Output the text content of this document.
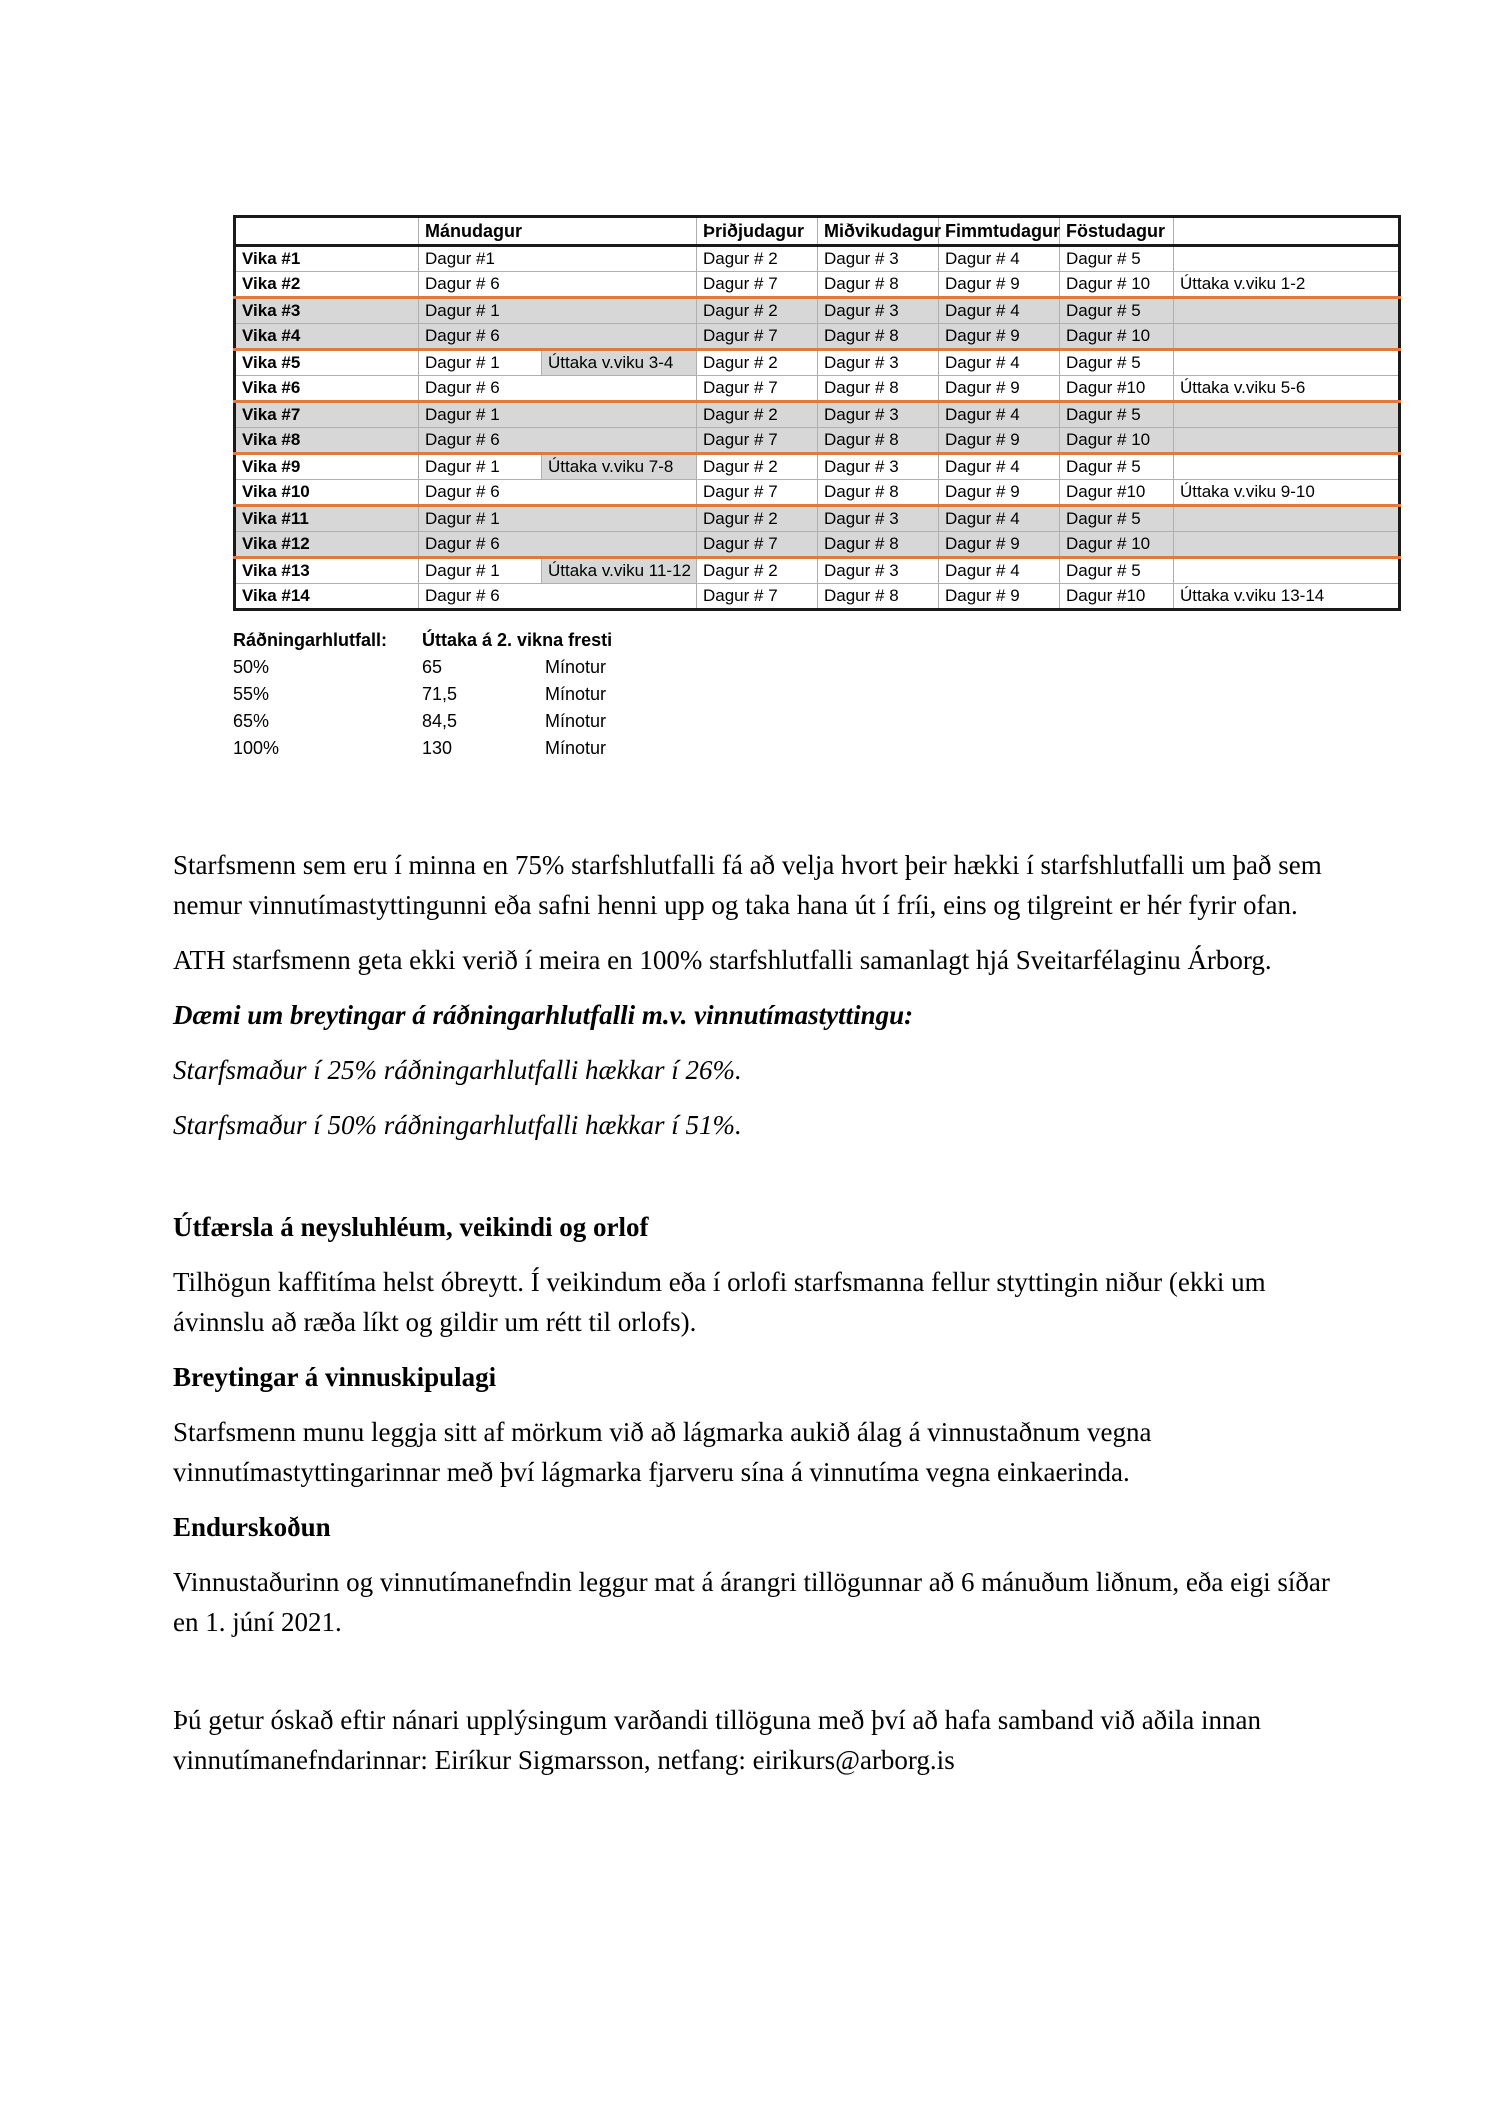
	Mánudagur		Þriðjudagur	Miðvikudagur	Fimmtudagur	Föstudagur	
Vika #1	Dagur #1		Dagur # 2	Dagur # 3	Dagur # 4	Dagur # 5	
Vika #2	Dagur # 6		Dagur # 7	Dagur # 8	Dagur # 9	Dagur # 10	Úttaka v.viku 1-2
Vika #3	Dagur # 1		Dagur # 2	Dagur # 3	Dagur # 4	Dagur # 5	
Vika #4	Dagur # 6		Dagur # 7	Dagur # 8	Dagur # 9	Dagur # 10	
Vika #5	Dagur # 1	Úttaka v.viku 3-4	Dagur # 2	Dagur # 3	Dagur # 4	Dagur # 5	
Vika #6	Dagur # 6		Dagur # 7	Dagur # 8	Dagur # 9	Dagur #10	Úttaka v.viku 5-6
Vika #7	Dagur # 1		Dagur # 2	Dagur # 3	Dagur # 4	Dagur # 5	
Vika #8	Dagur # 6		Dagur # 7	Dagur # 8	Dagur # 9	Dagur # 10	
Vika #9	Dagur # 1	Úttaka v.viku 7-8	Dagur # 2	Dagur # 3	Dagur # 4	Dagur # 5	
Vika #10	Dagur # 6		Dagur # 7	Dagur # 8	Dagur # 9	Dagur #10	Úttaka v.viku 9-10
Vika #11	Dagur # 1		Dagur # 2	Dagur # 3	Dagur # 4	Dagur # 5	
Vika #12	Dagur # 6		Dagur # 7	Dagur # 8	Dagur # 9	Dagur # 10	
Vika #13	Dagur # 1	Úttaka v.viku 11-12	Dagur # 2	Dagur # 3	Dagur # 4	Dagur # 5	
Vika #14	Dagur # 6		Dagur # 7	Dagur # 8	Dagur # 9	Dagur #10	Úttaka v.viku 13-14
Ráðningarhlutfall:	Úttaka á 2. vikna fresti	
50%	65	Mínotur
55%	71,5	Mínotur
65%	84,5	Mínotur
100%	130	Mínotur

Starfsmenn sem eru í minna en 75% starfshlutfalli fá að velja hvort þeir hækki í starfshlutfalli um það sem nemur vinnutímastyttingunni eða safni henni upp og taka hana út í fríi, eins og tilgreint er hér fyrir ofan.

ATH starfsmenn geta ekki verið í meira en 100% starfshlutfalli samanlagt hjá Sveitarfélaginu Árborg.

Dæmi um breytingar á ráðningarhlutfalli m.v. vinnutímastyttingu:

Starfsmaður í 25% ráðningarhlutfalli hækkar í 26%.

Starfsmaður í 50% ráðningarhlutfalli hækkar í 51%.

Útfærsla á neysluhléum, veikindi og orlof

Tilhögun kaffitíma helst óbreytt. Í veikindum eða í orlofi starfsmanna fellur styttingin niður (ekki um ávinnslu að ræða líkt og gildir um rétt til orlofs).

Breytingar á vinnuskipulagi

Starfsmenn munu leggja sitt af mörkum við að lágmarka aukið álag á vinnustaðnum vegna vinnutímastyttingarinnar með því lágmarka fjarveru sína á vinnutíma vegna einkaerinda.

Endurskoðun

Vinnustaðurinn og vinnutímanefndin leggur mat á árangri tillögunnar að 6 mánuðum liðnum, eða eigi síðar en 1. júní 2021.

Þú getur óskað eftir nánari upplýsingum varðandi tillöguna með því að hafa samband við aðila innan vinnutímanefndarinnar: Eiríkur Sigmarsson, netfang: eirikurs@arborg.is
